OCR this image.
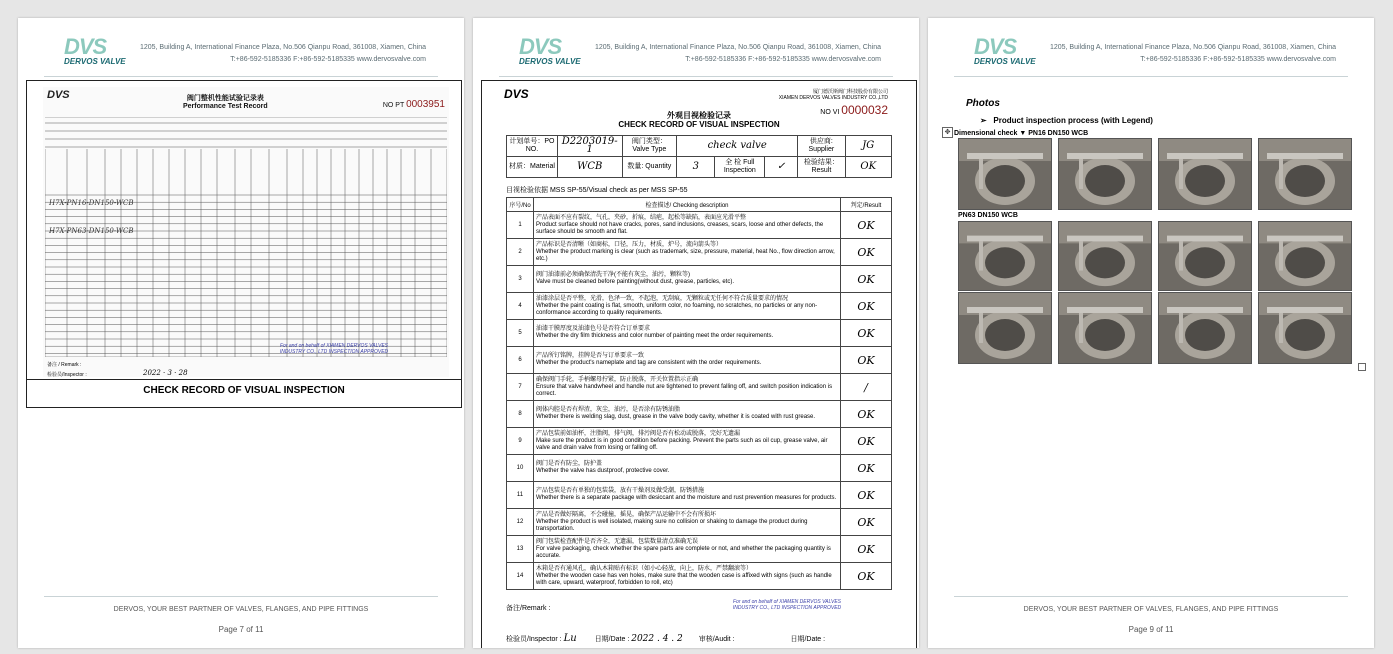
DVS
DERVOS VALVE
1205, Building A, International Finance Plaza, No.506 Qianpu Road, 361008, Xiamen, China
T:+86-592-5185336 F:+86-592-5185335 www.dervosvalve.com
DVS	阀门整机性能试验记录表
Performance Test Record	NO PT 0003951
H7X-PN16-DN150-WCB
H7X-PN63-DN150-WCB
备注 / Remark :
检验员/Inspector :	2022 · 3 · 28
For and on behalf of XIAMEN DERVOS VALVES INDUSTRY CO., LTD INSPECTION APPROVED
CHECK RECORD OF VISUAL INSPECTION
DERVOS, YOUR BEST PARTNER OF VALVES, FLANGES, AND PIPE FITTINGS
Page 7 of 11
DVS
DERVOS VALVE
1205, Building A, International Finance Plaza, No.506 Qianpu Road, 361008, Xiamen, China
T:+86-592-5185336 F:+86-592-5185335 www.dervosvalve.com
DVS	厦门德沃斯阀门科技股份有限公司
XIAMEN DERVOS VALVES INDUSTRY CO.,LTD
NO VI 0000032
外观目视检验记录
CHECK RECORD OF VISUAL INSPECTION
计划单号：PO NO.	D2203019-1	阀门类型：Valve Type	check valve			供应商: Supplier	JG
材质：Material	WCB	数量: Quantity	3	全 检 Full Inspection	✓	检验结果：Result	OK
目视检验依据 MSS SP-55/Visual check as per MSS SP-55
序号/No	检查描述/ Checking description	判定/Result
1	产品表面不应有裂纹，气孔，夹砂，折痕，结疤，起松等缺陷，表面应光滑平整
Product surface should not have cracks, pores, sand inclusions, creases, scars, loose and other defects, the surface should be smooth and flat.	OK
2	产品标识是否清晰（如商标，口径，压力，材质，炉号，流向箭头等）
Whether the product marking is clear (such as trademark, size, pressure, material, heat No., flow direction arrow, etc.)	OK
3	阀门油漆前必须确保清洗干净(不能有灰尘，油污，颗粒等)
Valve must be cleaned before painting(without dust, grease, particles, etc).	OK
4	油漆涂层是否平整，光滑，色泽一致，不起泡，无刮痕，无颗粒或无任何不符合质量要求的情况
Whether the paint coating is flat, smooth, uniform color, no foaming, no scratches, no particles or any non-conformance according to quality requirements.	OK
5	油漆干膜厚度及油漆色号是否符合订单要求
Whether the dry film thickness and color number of painting meet the order requirements.	OK
6	产品所钉铭牌，挂牌是否与订单要求一致
Whether the product's nameplate and tag are consistent with the order requirements.	OK
7	确保阀门手轮，手柄螺母拧紧，防止脱落，开关位置指示正确
Ensure that valve handwheel and handle nut are tightened to prevent falling off, and switch position indication is correct.	/
8	阀体内腔是否有焊渣，灰尘，油污，是否涂有防锈油脂
Whether there is welding slag, dust, grease in the valve body cavity, whether it is coated with rust grease.	OK
9	产品包装前如油杯，注脂阀，排气阀，排污阀是否有松动或脱落，完好无遗漏
Make sure the product is in good condition before packing. Prevent the parts such as oil cup, grease valve, air valve and drain valve from losing or falling off.	OK
10	阀门是否有防尘，防护盖
Whether the valve has dustproof, protective cover.	OK
11	产品包装是否有单独的包装袋，放有干燥剂及做受潮，防锈措施
Whether there is a separate package with desiccant and the moisture and rust prevention measures for products.	OK
12	产品是否做好隔离，不会碰撞，摇晃，确保产品运输中不会有所损坏
Whether the product is well isolated, making sure no collision or shaking to damage the product during transportation.	OK
13	阀门包装检查配件是否齐全，无遗漏，包装数量清点准确无误
For valve packaging, check whether the spare parts are complete or not, and whether the packaging quantity is accurate.	OK
14	木箱是否有通风孔，确认木箱贴有标识（如小心轻放，向上，防水，严禁翻滚等）
Whether the wooden case has ven holes, make sure that the wooden case is affixed with signs (such as handle with care, upward, waterproof, forbidden to roll, etc)	OK
备注/Remark :
For and on behalf of XIAMEN DERVOS VALVES INDUSTRY CO., LTD INSPECTION APPROVED
检验员/Inspector : Lu	日期/Date : 2022 . 4 . 2 审核/Audit :	日期/Date :
DVS
DERVOS VALVE
1205, Building A, International Finance Plaza, No.506 Qianpu Road, 361008, Xiamen, China
T:+86-592-5185336 F:+86-592-5185335 www.dervosvalve.com
Photos
➢ Product inspection process (with Legend)
✥ Dimensional check ▼ PN16 DN150 WCB
PN63 DN150 WCB
DERVOS, YOUR BEST PARTNER OF VALVES, FLANGES, AND PIPE FITTINGS
Page 9 of 11
